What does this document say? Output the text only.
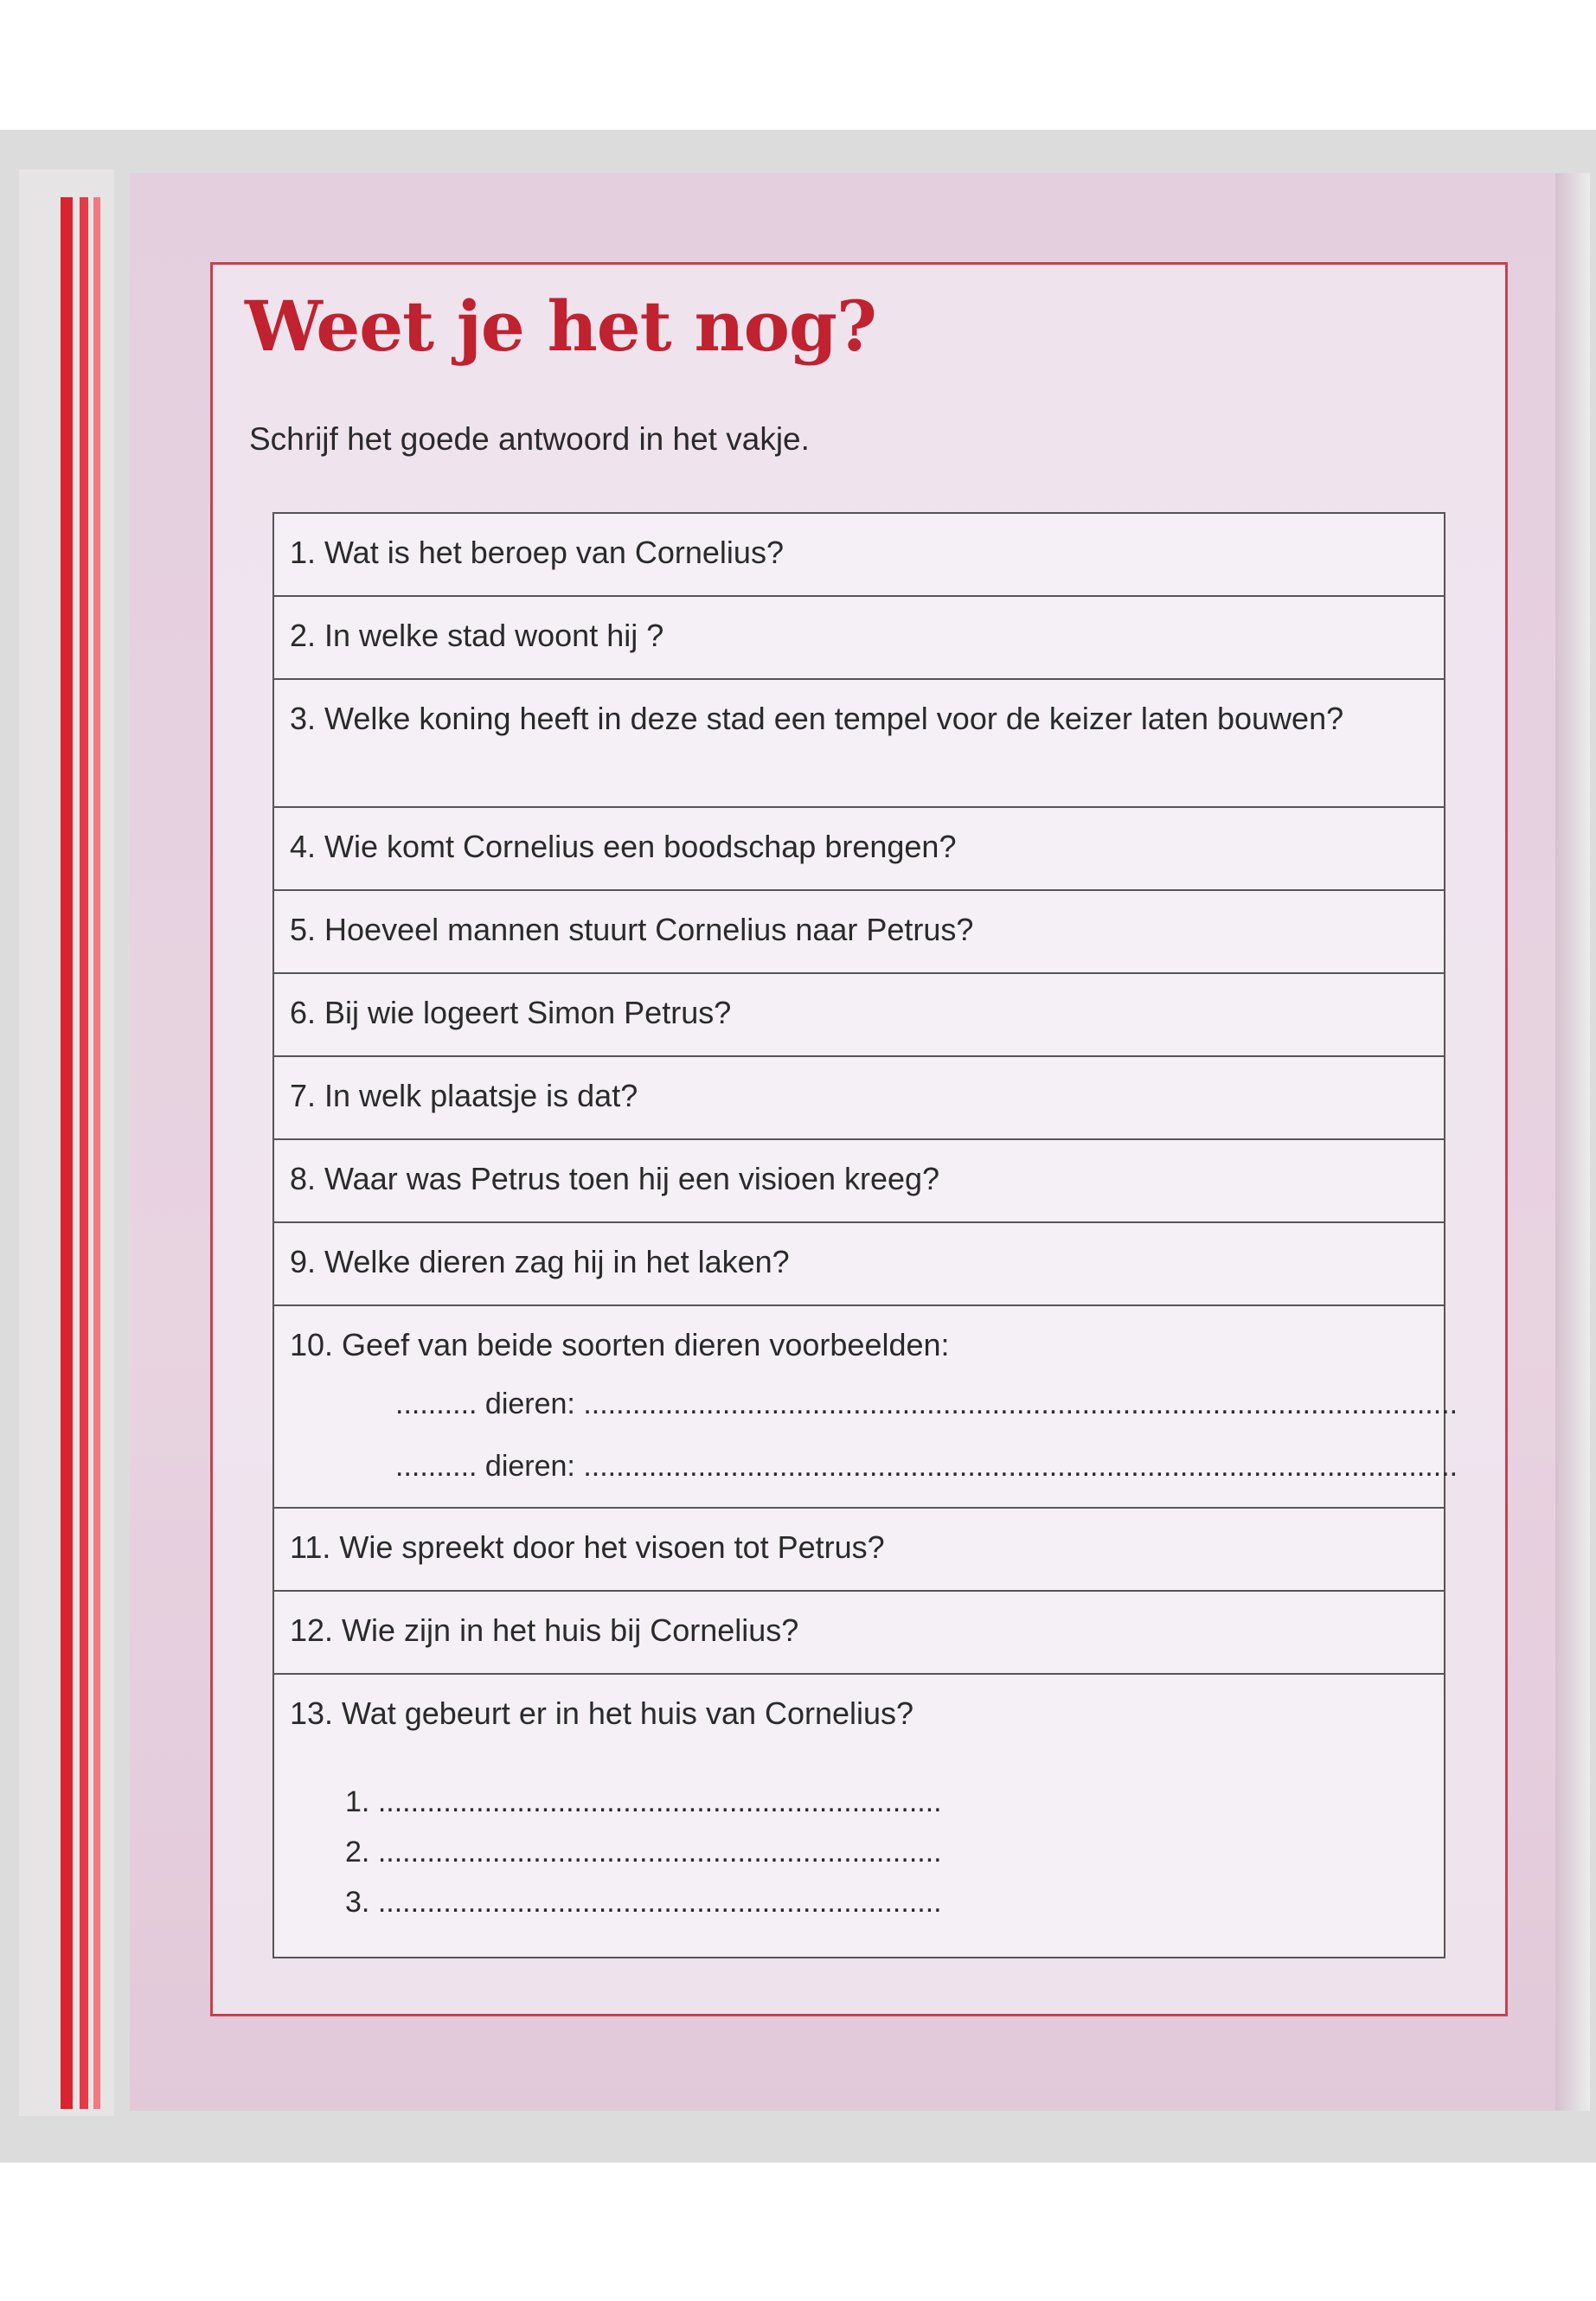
Weet je het nog?

Schrijf het goede antwoord in het vakje.

1. Wat is het beroep van Cornelius?
2. In welke stad woont hij ?
3. Welke koning heeft in deze stad een tempel voor de keizer laten bouwen?
4. Wie komt Cornelius een boodschap brengen?
5. Hoeveel mannen stuurt Cornelius naar Petrus?
6. Bij wie logeert Simon Petrus?
7. In welk plaatsje is dat?
8. Waar was Petrus toen hij een visioen kreeg?
9. Welke dieren zag hij in het laken?
10. Geef van beide soorten dieren voorbeelden:
.......... dieren: ...........................................................................................................
.......... dieren: ...........................................................................................................
11. Wie spreekt door het visoen tot Petrus?
12. Wie zijn in het huis bij Cornelius?
13. Wat gebeurt er in het huis van Cornelius?
1. .....................................................................
2. .....................................................................
3. .....................................................................
